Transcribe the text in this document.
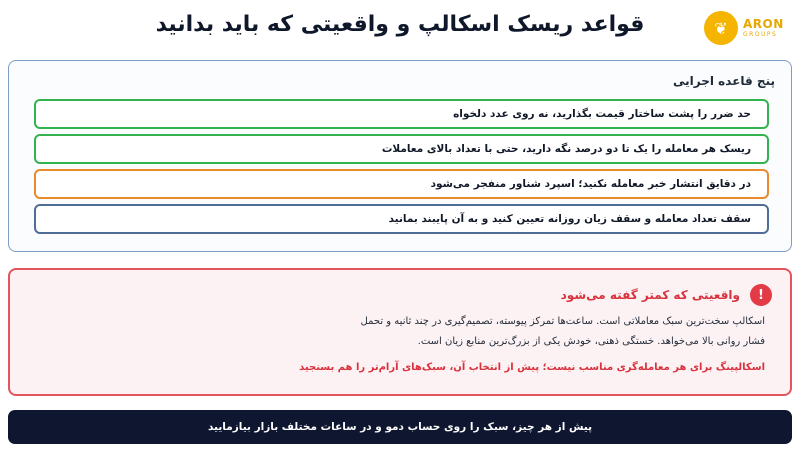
قواعد ریسک اسکالپ و واقعیتی که باید بدانید	❦	ARON
GROUPS
پنج قاعده اجرایی
حد ضرر را پشت ساختار قیمت بگذارید، نه روی عدد دلخواه
ریسک هر معامله را یک تا دو درصد نگه دارید، حتی با تعداد بالای معاملات
در دقایق انتشار خبر معامله نکنید؛ اسپرد شناور منفجر می‌شود
سقف تعداد معامله و سقف زیان روزانه تعیین کنید و به آن پایبند بمانید
!
واقعیتی که کمتر گفته می‌شود
اسکالپ سخت‌ترین سبک معاملاتی است. ساعت‌ها تمرکز پیوسته، تصمیم‌گیری در چند ثانیه و تحمل فشار روانی بالا می‌خواهد. خستگی ذهنی، خودش یکی از بزرگ‌ترین منابع زیان است.
اسکالپینگ برای هر معامله‌گری مناسب نیست؛ پیش از انتخاب آن، سبک‌های آرام‌تر را هم بسنجید
پیش از هر چیز، سبک را روی حساب دمو و در ساعات مختلف بازار بیازمایید
